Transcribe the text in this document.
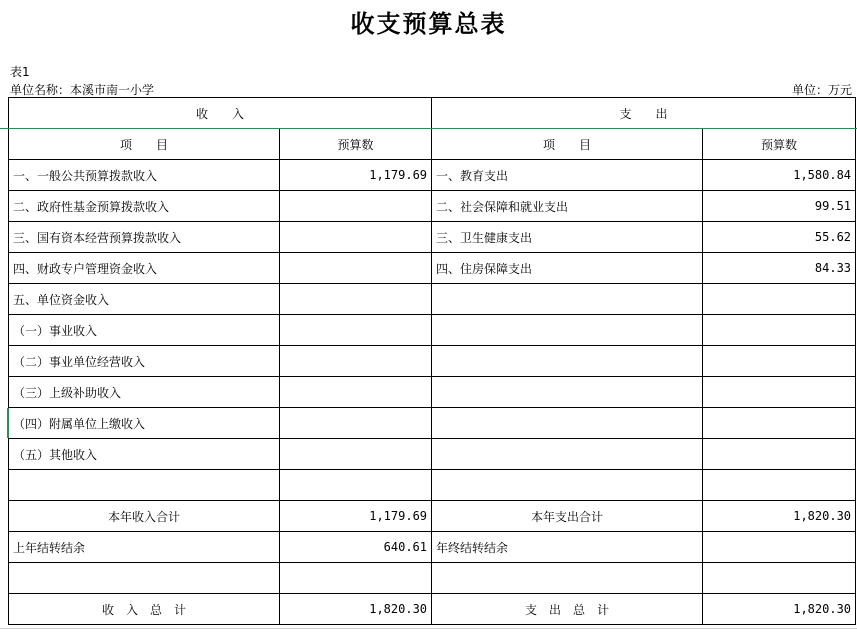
收支预算总表
表1
单位名称：本溪市南一小学	单位：万元
收　　入		支　　出	
项　　目	预算数	项　　目	预算数
一、一般公共预算拨款收入	1,179.69	一、教育支出	1,580.84
二、政府性基金预算拨款收入		二、社会保障和就业支出	99.51
三、国有资本经营预算拨款收入		三、卫生健康支出	55.62
四、财政专户管理资金收入		四、住房保障支出	84.33
五、单位资金收入			
（一）事业收入			
（二）事业单位经营收入			
（三）上级补助收入			
（四）附属单位上缴收入			
（五）其他收入			

本年收入合计	1,179.69	本年支出合计	1,820.30
上年结转结余	640.61	年终结转结余	

收　入　总　计	1,820.30	支　出　总　计	1,820.30
